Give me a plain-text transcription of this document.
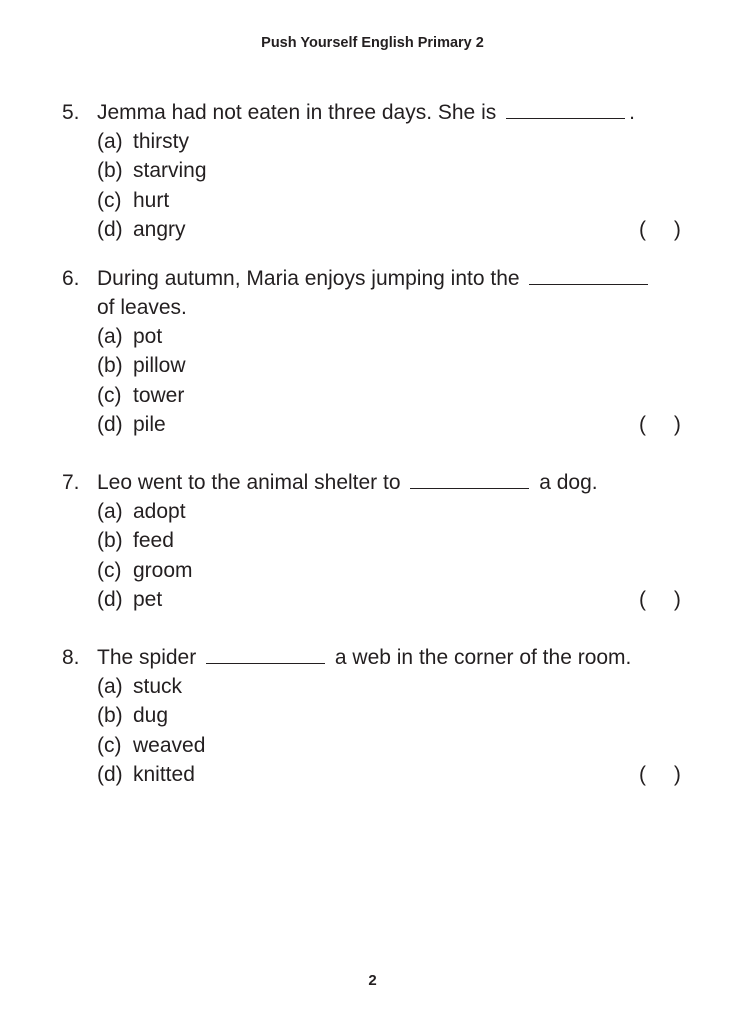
Push Yourself English Primary 2
5. Jemma had not eaten in three days. She is	.
(a) thirsty
(b) starving
(c) hurt
(d) angry	( )
6. During autumn, Maria enjoys jumping into the
of leaves.
(a) pot
(b) pillow
(c) tower
(d) pile	( )
7. Leo went to the animal shelter to	a dog.
(a) adopt
(b) feed
(c) groom
(d) pet	( )
8. The spider	a web in the corner of the room.
(a) stuck
(b) dug
(c) weaved
(d) knitted	( )
2
